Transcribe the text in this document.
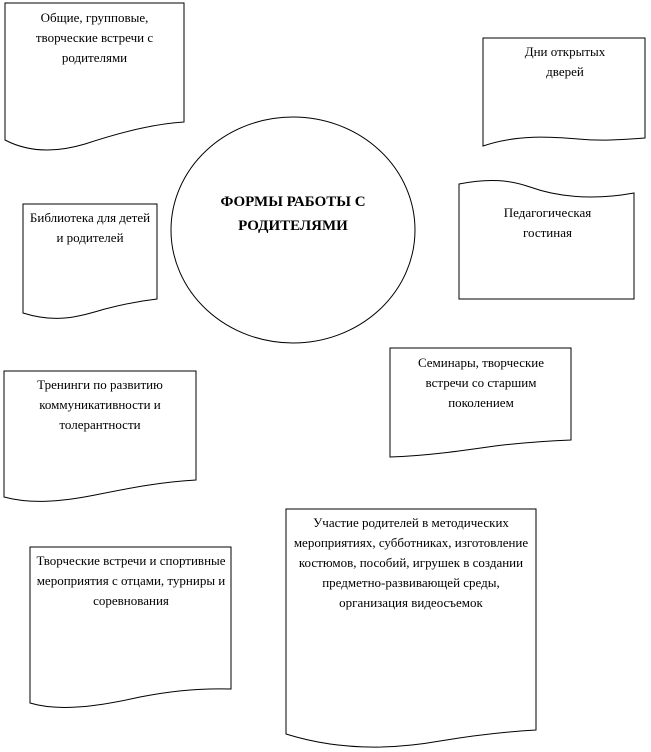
ФОРМЫ РАБОТЫ С РОДИТЕЛЯМИ
Общие, групповые, творческие встречи с родителями	Дни открытых дверей
Библиотека для детей и родителей
Педагогическая гостиная
Тренинги по развитию коммуникативности и толерантности
Семинары, творческие встречи со старшим поколением
Творческие встречи и спортивные мероприятия с отцами, турниры и соревнования
Участие родителей в методических мероприятиях, субботниках, изготовление костюмов, пособий, игрушек в создании предметно-развивающей среды, организация видеосъемок
